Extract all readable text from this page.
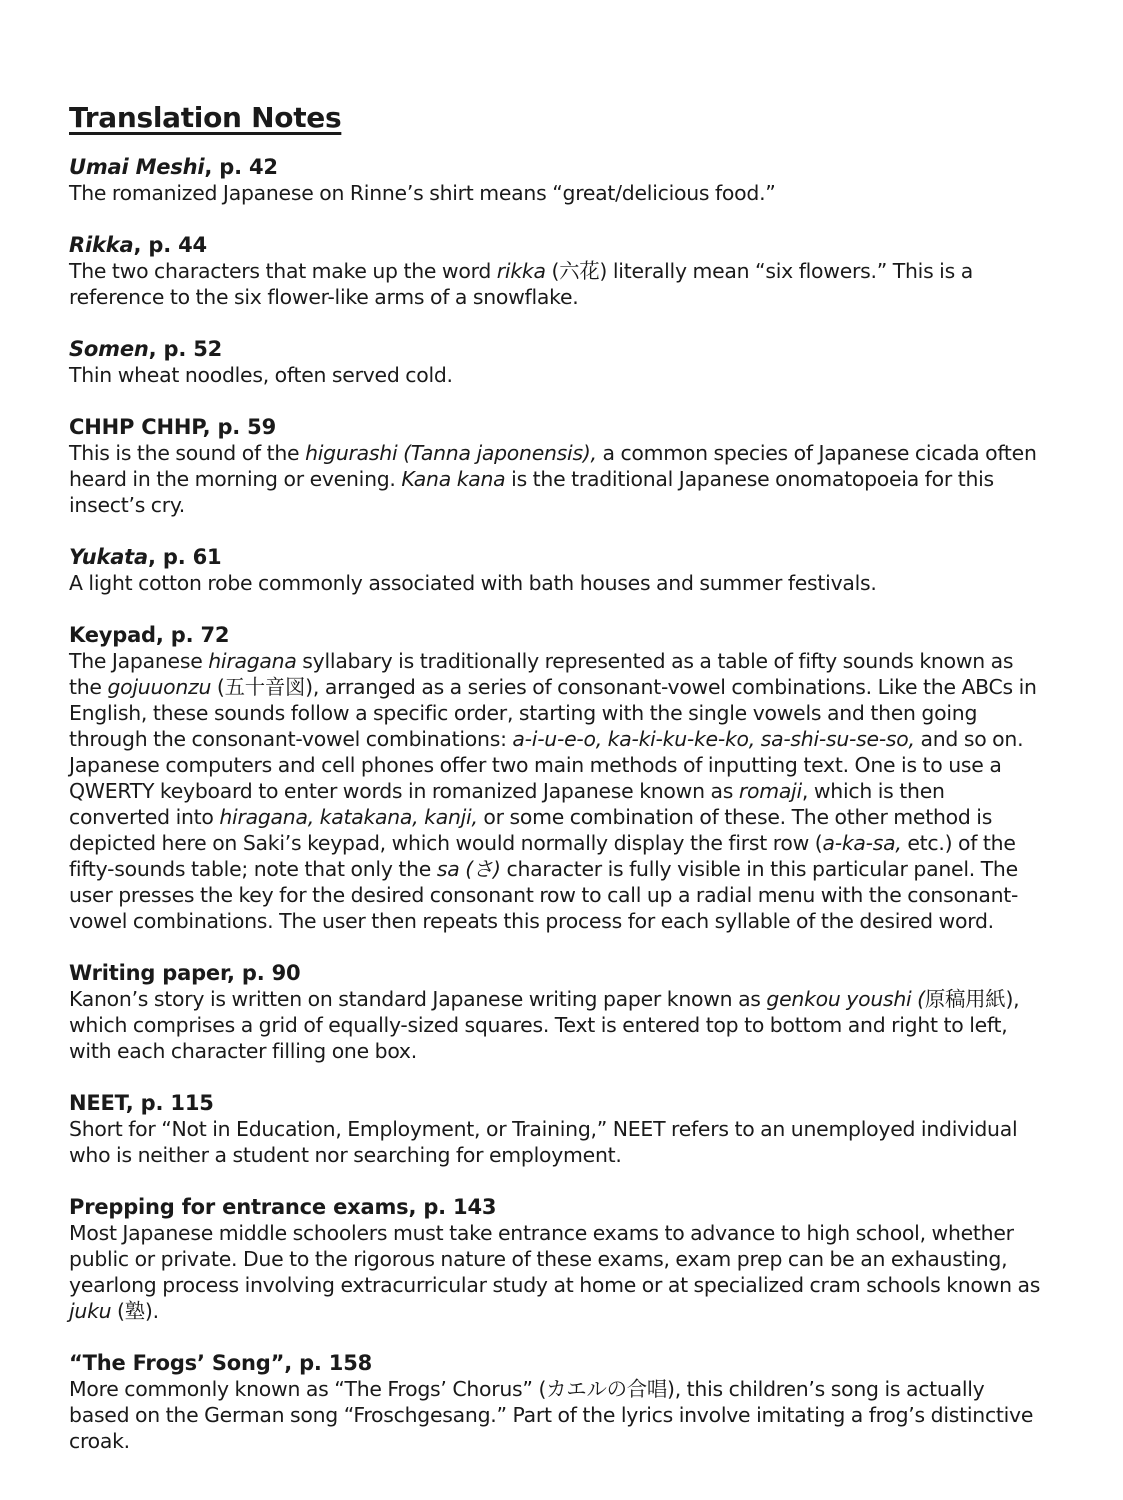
Translation Notes
Umai Meshi, p. 42
The romanized Japanese on Rinne’s shirt means “great/delicious food.”
Rikka, p. 44
The two characters that make up the word rikka (六花) literally mean “six flowers.” This is a reference to the six flower-like arms of a snowflake.
Somen, p. 52
Thin wheat noodles, often served cold.
CHHP CHHP, p. 59
This is the sound of the higurashi (Tanna japonensis), a common species of Japanese cicada often heard in the morning or evening. Kana kana is the traditional Japanese onomatopoeia for this insect’s cry.
Yukata, p. 61
A light cotton robe commonly associated with bath houses and summer festivals.
Keypad, p. 72
The Japanese hiragana syllabary is traditionally represented as a table of fifty sounds known as the gojuuonzu (五十音図), arranged as a series of consonant-vowel combinations. Like the ABCs in English, these sounds follow a specific order, starting with the single vowels and then going through the consonant-vowel combinations: a-i-u-e-o, ka-ki-ku-ke-ko, sa-shi-su-se-so, and so on. Japanese computers and cell phones offer two main methods of inputting text. One is to use a QWERTY keyboard to enter words in romanized Japanese known as romaji, which is then converted into hiragana, katakana, kanji, or some combination of these. The other method is depicted here on Saki’s keypad, which would normally display the first row (a-ka-sa, etc.) of the fifty-sounds table; note that only the sa (さ) character is fully visible in this particular panel. The user presses the key for the desired consonant row to call up a radial menu with the consonant-vowel combinations. The user then repeats this process for each syllable of the desired word.
Writing paper, p. 90
Kanon’s story is written on standard Japanese writing paper known as genkou youshi (原稿用紙), which comprises a grid of equally-sized squares. Text is entered top to bottom and right to left, with each character filling one box.
NEET, p. 115
Short for “Not in Education, Employment, or Training,” NEET refers to an unemployed individual who is neither a student nor searching for employment.
Prepping for entrance exams, p. 143
Most Japanese middle schoolers must take entrance exams to advance to high school, whether public or private. Due to the rigorous nature of these exams, exam prep can be an exhausting, yearlong process involving extracurricular study at home or at specialized cram schools known as juku (塾).
“The Frogs’ Song”, p. 158
More commonly known as “The Frogs’ Chorus” (カエルの合唱), this children’s song is actually based on the German song “Froschgesang.” Part of the lyrics involve imitating a frog’s distinctive croak.
